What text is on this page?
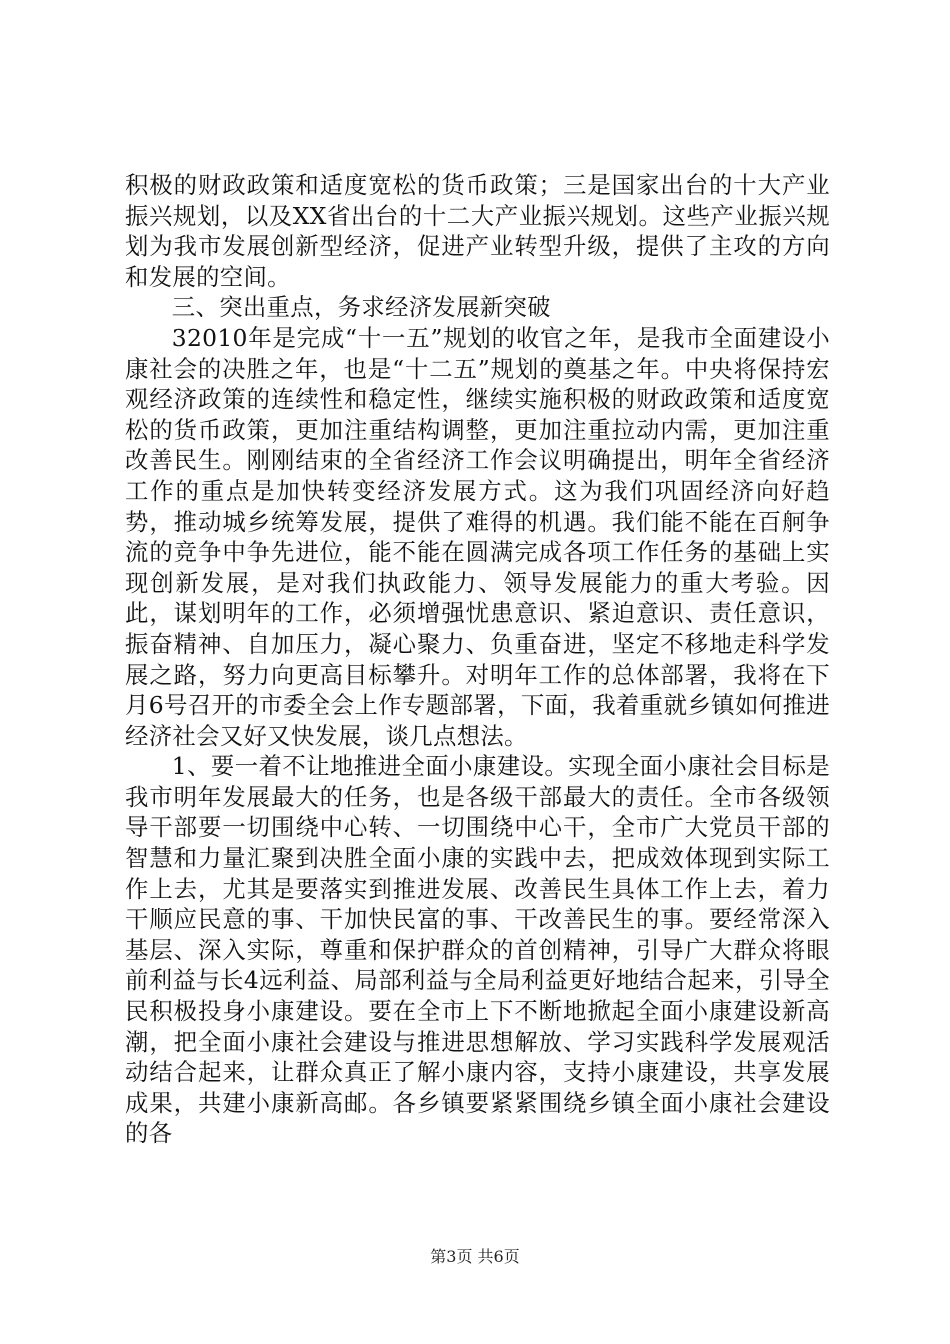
积极的财政政策和适度宽松的货币政策；三是国家出台的十大产业振兴规划，以及XX省出台的十二大产业振兴规划。这些产业振兴规划为我市发展创新型经济，促进产业转型升级，提供了主攻的方向和发展的空间。

三、突出重点，务求经济发展新突破

32010年是完成“十一五”规划的收官之年，是我市全面建设小康社会的决胜之年，也是“十二五”规划的奠基之年。中央将保持宏观经济政策的连续性和稳定性，继续实施积极的财政政策和适度宽松的货币政策，更加注重结构调整，更加注重拉动内需，更加注重改善民生。刚刚结束的全省经济工作会议明确提出，明年全省经济工作的重点是加快转变经济发展方式。这为我们巩固经济向好趋势，推动城乡统筹发展，提供了难得的机遇。我们能不能在百舸争流的竞争中争先进位，能不能在圆满完成各项工作任务的基础上实现创新发展，是对我们执政能力、领导发展能力的重大考验。因此，谋划明年的工作，必须增强忧患意识、紧迫意识、责任意识，振奋精神、自加压力，凝心聚力、负重奋进，坚定不移地走科学发展之路，努力向更高目标攀升。对明年工作的总体部署，我将在下月6号召开的市委全会上作专题部署，下面，我着重就乡镇如何推进经济社会又好又快发展，谈几点想法。

1、要一着不让地推进全面小康建设。实现全面小康社会目标是我市明年发展最大的任务，也是各级干部最大的责任。全市各级领导干部要一切围绕中心转、一切围绕中心干，全市广大党员干部的智慧和力量汇聚到决胜全面小康的实践中去，把成效体现到实际工作上去，尤其是要落实到推进发展、改善民生具体工作上去，着力干顺应民意的事、干加快民富的事、干改善民生的事。要经常深入基层、深入实际，尊重和保护群众的首创精神，引导广大群众将眼前利益与长4远利益、局部利益与全局利益更好地结合起来，引导全民积极投身小康建设。要在全市上下不断地掀起全面小康建设新高潮，把全面小康社会建设与推进思想解放、学习实践科学发展观活动结合起来，让群众真正了解小康内容，支持小康建设，共享发展成果，共建小康新高邮。各乡镇要紧紧围绕乡镇全面小康社会建设的各

第3页 共6页
